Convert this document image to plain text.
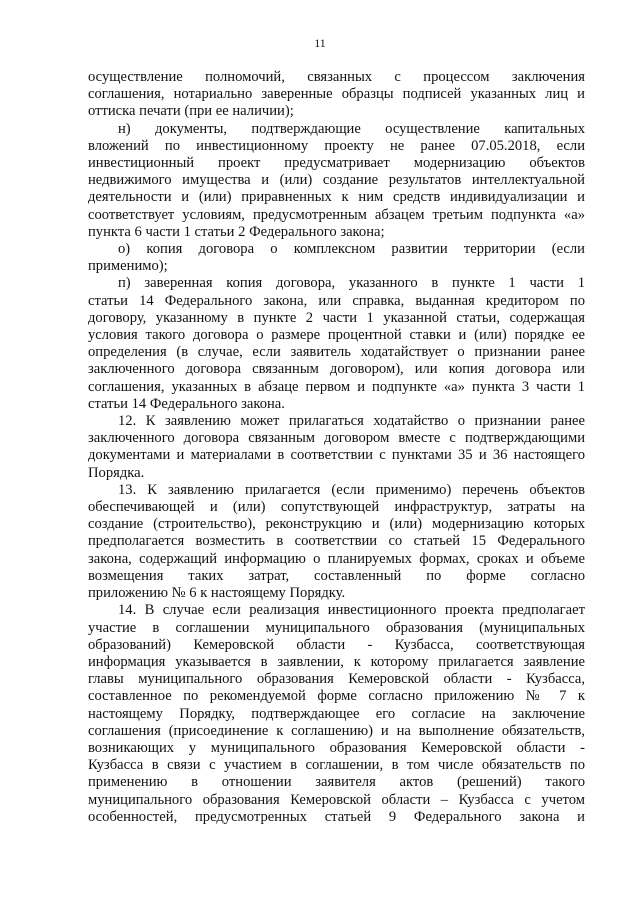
11
осуществление полномочий, связанных с процессом заключения
соглашения, нотариально заверенные образцы подписей указанных лиц и
оттиска печати (при ее наличии);
н) документы, подтверждающие осуществление капитальных
вложений по инвестиционному проекту не ранее 07.05.2018, если
инвестиционный проект предусматривает модернизацию объектов
недвижимого имущества и (или) создание результатов интеллектуальной
деятельности и (или) приравненных к ним средств индивидуализации и
соответствует условиям, предусмотренным абзацем третьим подпункта «а»
пункта 6 части 1 статьи 2 Федерального закона;
о) копия договора о комплексном развитии территории (если
применимо);
п) заверенная копия договора, указанного в пункте 1 части 1
статьи 14 Федерального закона, или справка, выданная кредитором по
договору, указанному в пункте 2 части 1 указанной статьи, содержащая
условия такого договора о размере процентной ставки и (или) порядке ее
определения (в случае, если заявитель ходатайствует о признании ранее
заключенного договора связанным договором), или копия договора или
соглашения, указанных в абзаце первом и подпункте «а» пункта 3 части 1
статьи 14 Федерального закона.
12. К заявлению может прилагаться ходатайство о признании ранее
заключенного договора связанным договором вместе с подтверждающими
документами и материалами в соответствии с пунктами 35 и 36 настоящего
Порядка.
13. К заявлению прилагается (если применимо) перечень объектов
обеспечивающей и (или) сопутствующей инфраструктур, затраты на
создание (строительство), реконструкцию и (или) модернизацию которых
предполагается возместить в соответствии со статьей 15 Федерального
закона, содержащий информацию о планируемых формах, сроках и объеме
возмещения таких затрат, составленный по форме согласно
приложению № 6 к настоящему Порядку.
14. В случае если реализация инвестиционного проекта предполагает
участие в соглашении муниципального образования (муниципальных
образований) Кемеровской области - Кузбасса, соответствующая
информация указывается в заявлении, к которому прилагается заявление
главы муниципального образования Кемеровской области - Кузбасса,
составленное по рекомендуемой форме согласно приложению № 7 к
настоящему Порядку, подтверждающее его согласие на заключение
соглашения (присоединение к соглашению) и на выполнение обязательств,
возникающих у муниципального образования Кемеровской области -
Кузбасса в связи с участием в соглашении, в том числе обязательств по
применению в отношении заявителя актов (решений) такого
муниципального образования Кемеровской области – Кузбасса с учетом
особенностей, предусмотренных статьей 9 Федерального закона и
